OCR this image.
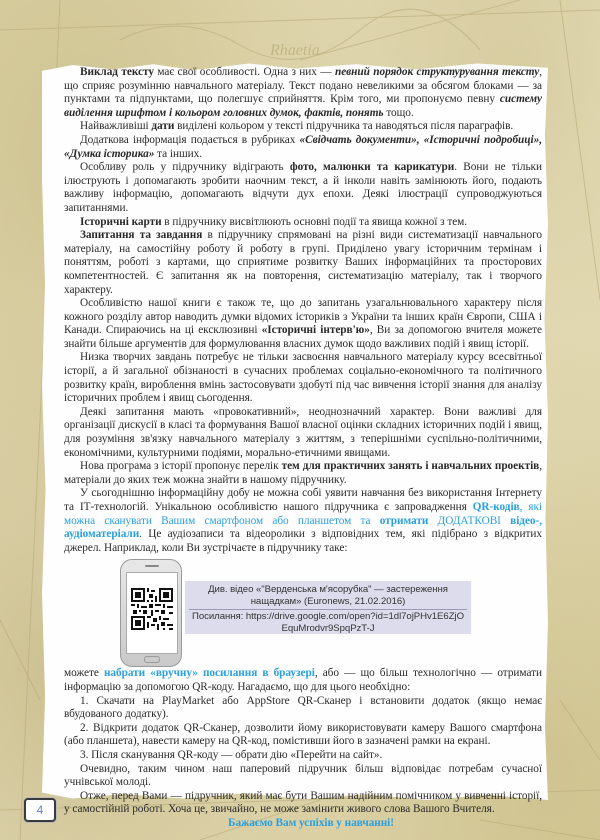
Rhaetia

Виклад тексту має свої особливості. Одна з них — певний порядок структурування тексту, що сприяє розумінню навчального матеріалу. Текст подано невеликими за обсягом блоками — за пунктами та підпунктами, що полегшує сприйняття. Крім того, ми пропонуємо певну систему виділення шрифтом і кольором головних думок, фактів, понять тощо.

Найважливіші дати виділені кольором у тексті підручника та наводяться після параграфів.

Додаткова інформація подається в рубриках «Свідчать документи», «Історичні подробиці», «Думка історика» та інших.

Особливу роль у підручнику відіграють фото, малюнки та карикатури. Вони не тільки ілюструють і допомагають зробити наочним текст, а й інколи навіть замінюють його, подають важливу інформацію, допомагають відчути дух епохи. Деякі ілюстрації супроводжуються запитаннями.

Історичні карти в підручнику висвітлюють основні події та явища кожної з тем.

Запитання та завдання в підручнику спрямовані на різні види систематизації навчального матеріалу, на самостійну роботу й роботу в групі. Приділено увагу історичним термінам і поняттям, роботі з картами, що сприятиме розвитку Ваших інформаційних та просторових компетентностей. Є запитання як на повторення, систематизацію матеріалу, так і творчого характеру.

Особливістю нашої книги є також те, що до запитань узагальнювального характеру після кожного розділу автор наводить думки відомих істориків з України та інших країн Європи, США і Канади. Спираючись на ці ексклюзивні «Історичні інтерв'ю», Ви за допомогою вчителя можете знайти більше аргументів для формулювання власних думок щодо важливих подій і явищ історії.

Низка творчих завдань потребує не тільки засвоєння навчального матеріалу курсу всесвітньої історії, а й загальної обізнаності в сучасних проблемах соціально-економічного та політичного розвитку країн, вироблення вмінь застосовувати здобуті під час вивчення історії знання для аналізу історичних проблем і явищ сьогодення.

Деякі запитання мають «провокативний», неоднозначний характер. Вони важливі для організації дискусії в класі та формування Вашої власної оцінки складних історичних подій і явищ, для розуміння зв'язку навчального матеріалу з життям, з теперішніми суспільно-політичними, економічними, культурними подіями, морально-етичними явищами.

Нова програма з історії пропонує перелік тем для практичних занять і навчальних проектів, матеріали до яких теж можна знайти в нашому підручнику.

У сьогоднішню інформаційну добу не можна собі уявити навчання без використання Інтернету та ІТ-технологій. Унікальною особливістю нашого підручника є запровадження QR-кодів, які можна сканувати Вашим смартфоном або планшетом та отримати ДОДАТКОВІ відео-, аудіоматеріали. Це аудіозаписи та відеоролики з відповідних тем, які підібрано з відкритих джерел. Наприклад, коли Ви зустрічаєте в підручнику таке:

Див. відео «"Верденська м'ясорубка" — застереження нащадкам» (Euronews, 21.02.2016)
Посилання: https://drive.google.com/open?id=1dl7ojPHv1E6ZjOEquMrodvr9SpqPzT-J

можете набрати «вручну» посилання в браузері, або — що більш технологічно — отримати інформацію за допомогою QR-коду. Нагадаємо, що для цього необхідно:

1. Скачати на PlayMarket або AppStore QR-Сканер і встановити додаток (якщо немає вбудованого додатку).

2. Відкрити додаток QR-Сканер, дозволити йому використовувати камеру Вашого смартфона (або планшета), навести камеру на QR-код, помістивши його в зазначені рамки на екрані.

3. Після сканування QR-коду — обрати дію «Перейти на сайт».

Очевидно, таким чином наш паперовий підручник більш відповідає потребам сучасної учнівської молоді.

Отже, перед Вами — підручник, який має бути Вашим надійним помічником у вивченні історії, у самостійній роботі. Хоча це, звичайно, не може замінити живого слова Вашого Вчителя.

Бажаємо Вам успіхів у навчанні!

4
